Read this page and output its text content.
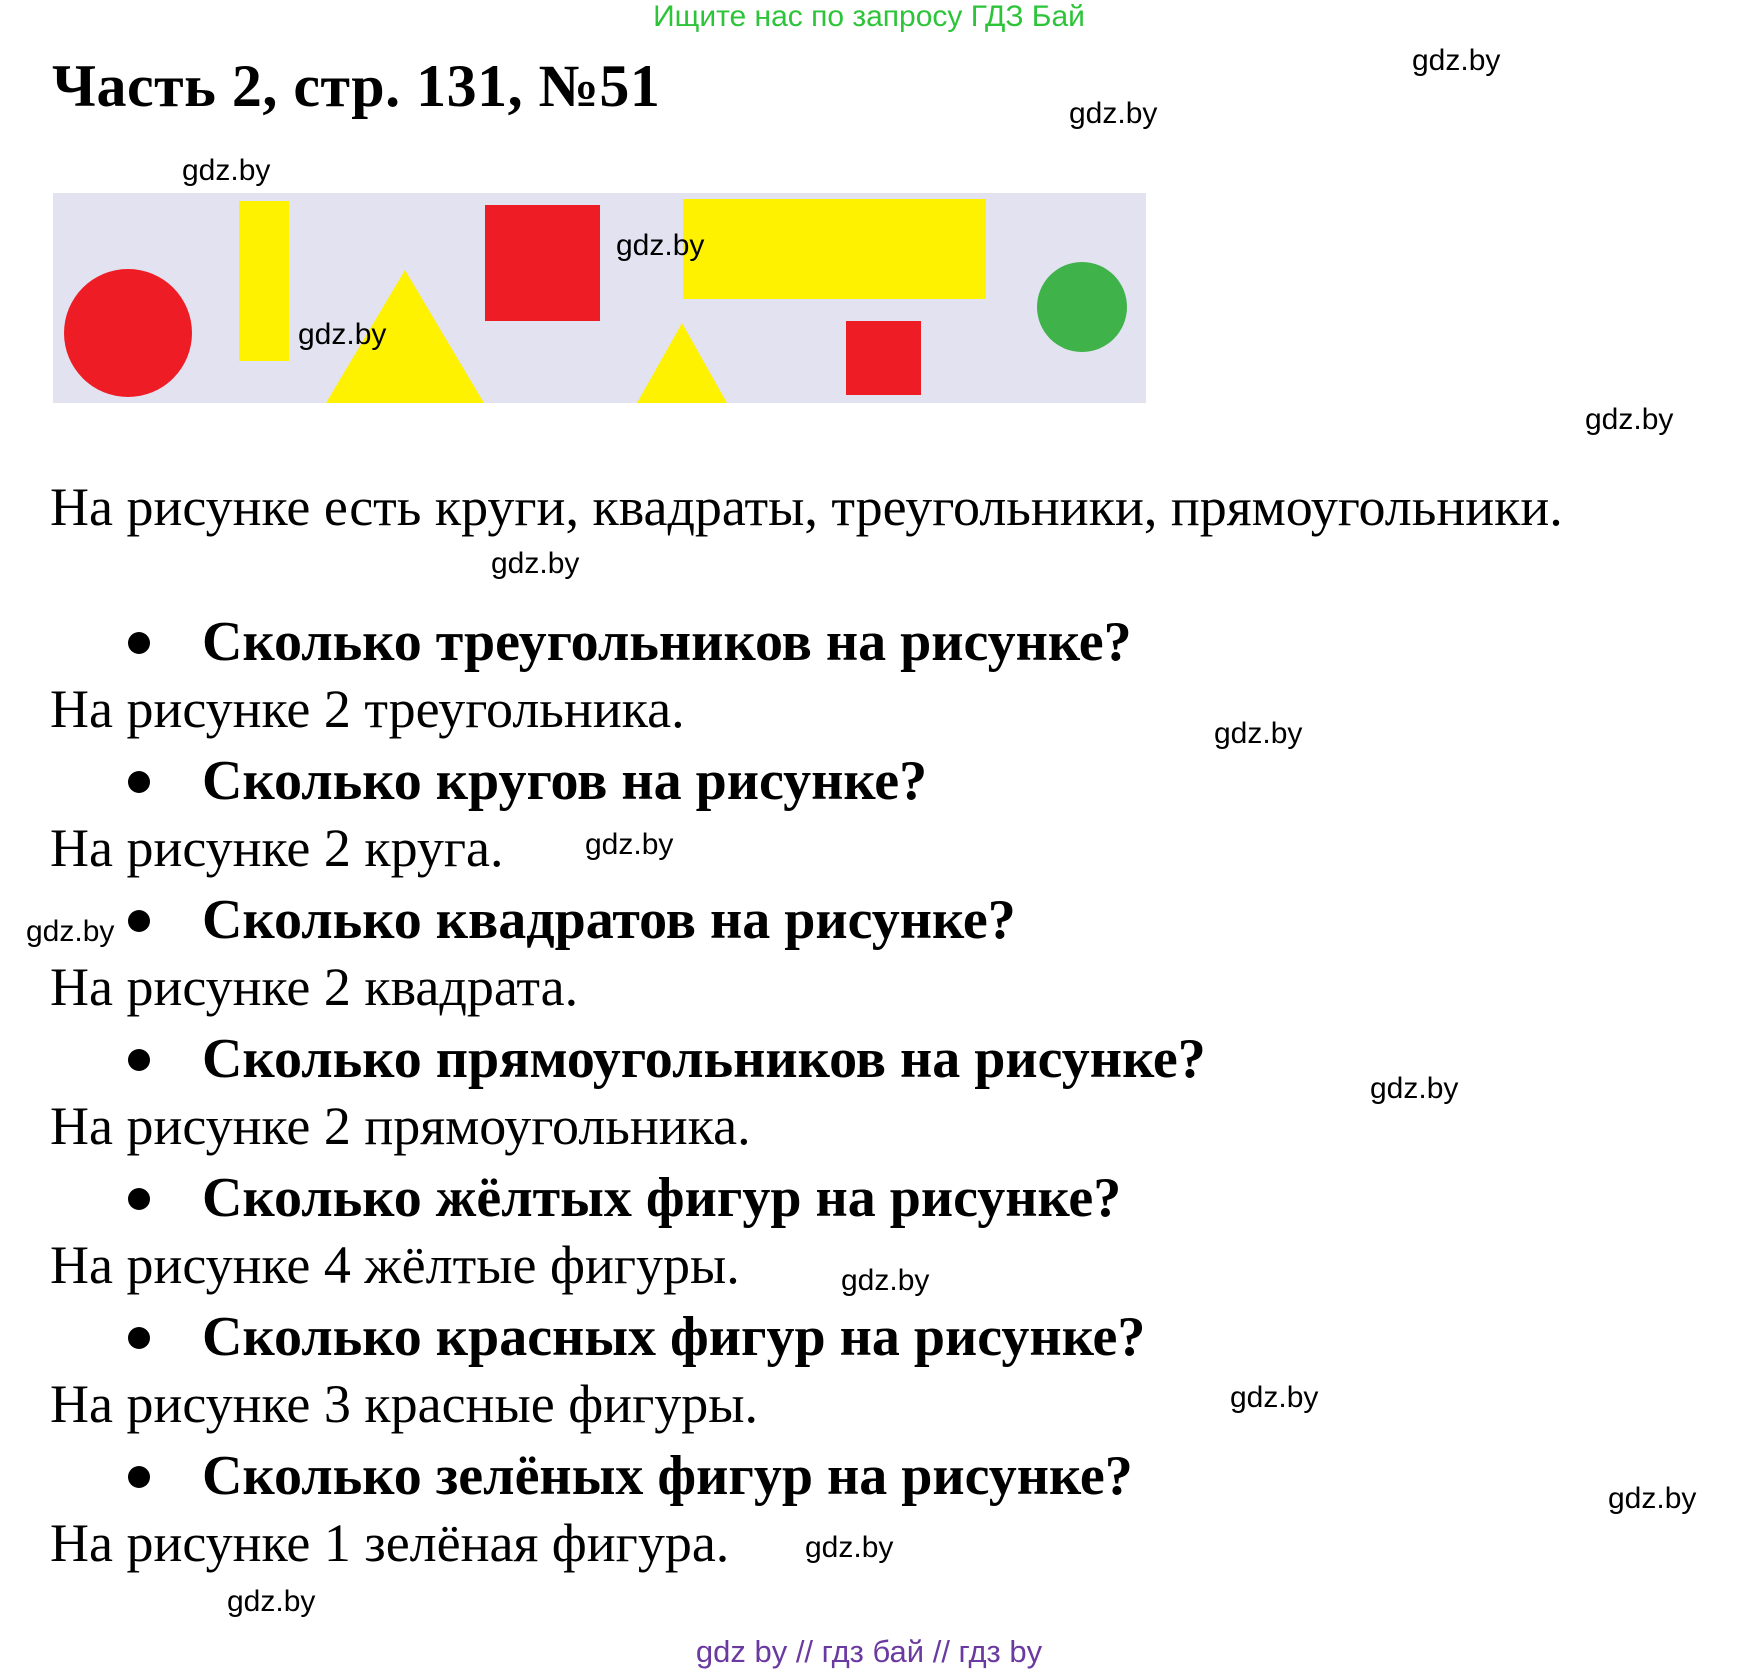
Ищите нас по запросу ГДЗ Бай
Часть 2, стр. 131, №51
На рисунке есть круги, квадраты, треугольники, прямоугольники.
Сколько треугольников на рисунке?
На рисунке 2 треугольника.
Сколько кругов на рисунке?
На рисунке 2 круга.
Сколько квадратов на рисунке?
На рисунке 2 квадрата.
Сколько прямоугольников на рисунке?
На рисунке 2 прямоугольника.
Сколько жёлтых фигур на рисунке?
На рисунке 4 жёлтые фигуры.
Сколько красных фигур на рисунке?
На рисунке 3 красные фигуры.
Сколько зелёных фигур на рисунке?
На рисунке 1 зелёная фигура.
gdz.by
gdz.by
gdz.by
gdz.by
gdz.by
gdz.by
gdz.by
gdz.by
gdz.by
gdz.by
gdz.by
gdz.by
gdz.by
gdz.by
gdz.by
gdz.by
gdz by // гдз бай // гдз by
